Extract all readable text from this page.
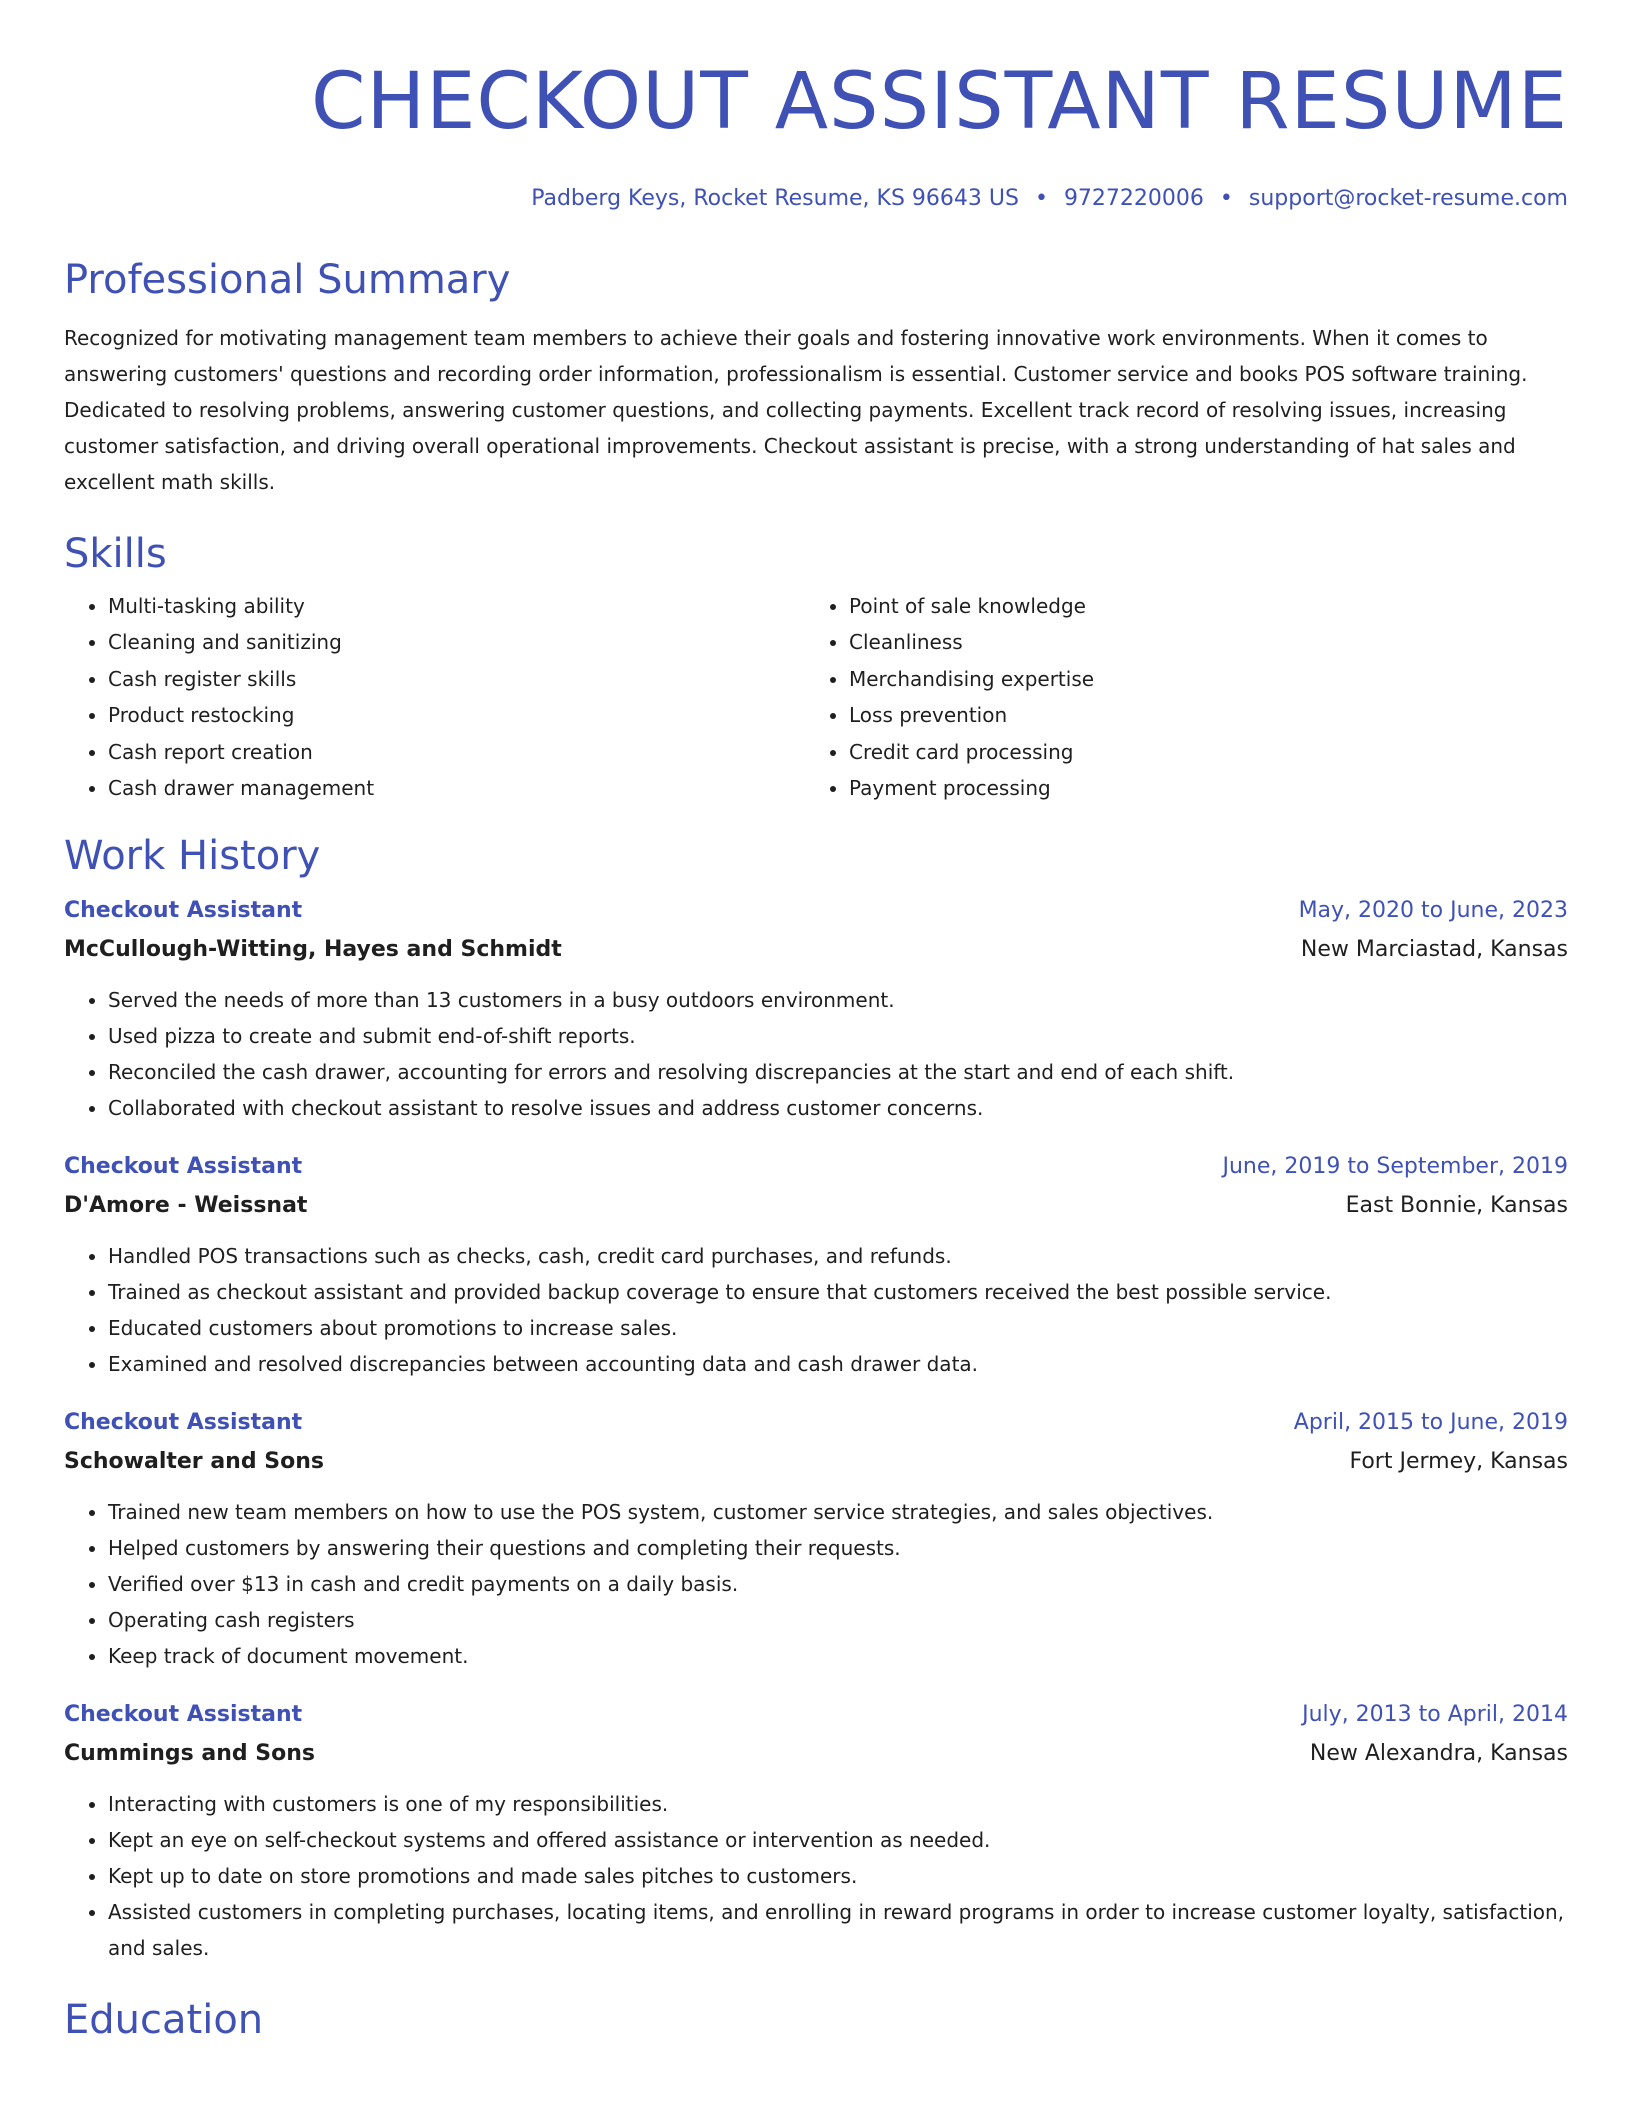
CHECKOUT ASSISTANT RESUME
Padberg Keys, Rocket Resume, KS 96643 US • 9727220006 • support@rocket-resume.com
Professional Summary
Recognized for motivating management team members to achieve their goals and fostering innovative work environments. When it comes to answering customers' questions and recording order information, professionalism is essential. Customer service and books POS software training. Dedicated to resolving problems, answering customer questions, and collecting payments. Excellent track record of resolving issues, increasing customer satisfaction, and driving overall operational improvements. Checkout assistant is precise, with a strong understanding of hat sales and excellent math skills.
Skills
• Multi-tasking ability
• Cleaning and sanitizing
• Cash register skills
• Product restocking
• Cash report creation
• Cash drawer management
• Point of sale knowledge
• Cleanliness
• Merchandising expertise
• Loss prevention
• Credit card processing
• Payment processing
Work History
Checkout Assistant	May, 2020 to June, 2023
McCullough-Witting, Hayes and Schmidt	New Marciastad, Kansas
• Served the needs of more than 13 customers in a busy outdoors environment.
• Used pizza to create and submit end-of-shift reports.
• Reconciled the cash drawer, accounting for errors and resolving discrepancies at the start and end of each shift.
• Collaborated with checkout assistant to resolve issues and address customer concerns.
Checkout Assistant	June, 2019 to September, 2019
D'Amore - Weissnat	East Bonnie, Kansas
• Handled POS transactions such as checks, cash, credit card purchases, and refunds.
• Trained as checkout assistant and provided backup coverage to ensure that customers received the best possible service.
• Educated customers about promotions to increase sales.
• Examined and resolved discrepancies between accounting data and cash drawer data.
Checkout Assistant	April, 2015 to June, 2019
Schowalter and Sons	Fort Jermey, Kansas
• Trained new team members on how to use the POS system, customer service strategies, and sales objectives.
• Helped customers by answering their questions and completing their requests.
• Verified over $13 in cash and credit payments on a daily basis.
• Operating cash registers
• Keep track of document movement.
Checkout Assistant	July, 2013 to April, 2014
Cummings and Sons	New Alexandra, Kansas
• Interacting with customers is one of my responsibilities.
• Kept an eye on self-checkout systems and offered assistance or intervention as needed.
• Kept up to date on store promotions and made sales pitches to customers.
• Assisted customers in completing purchases, locating items, and enrolling in reward programs in order to increase customer loyalty, satisfaction, and sales.
Education
